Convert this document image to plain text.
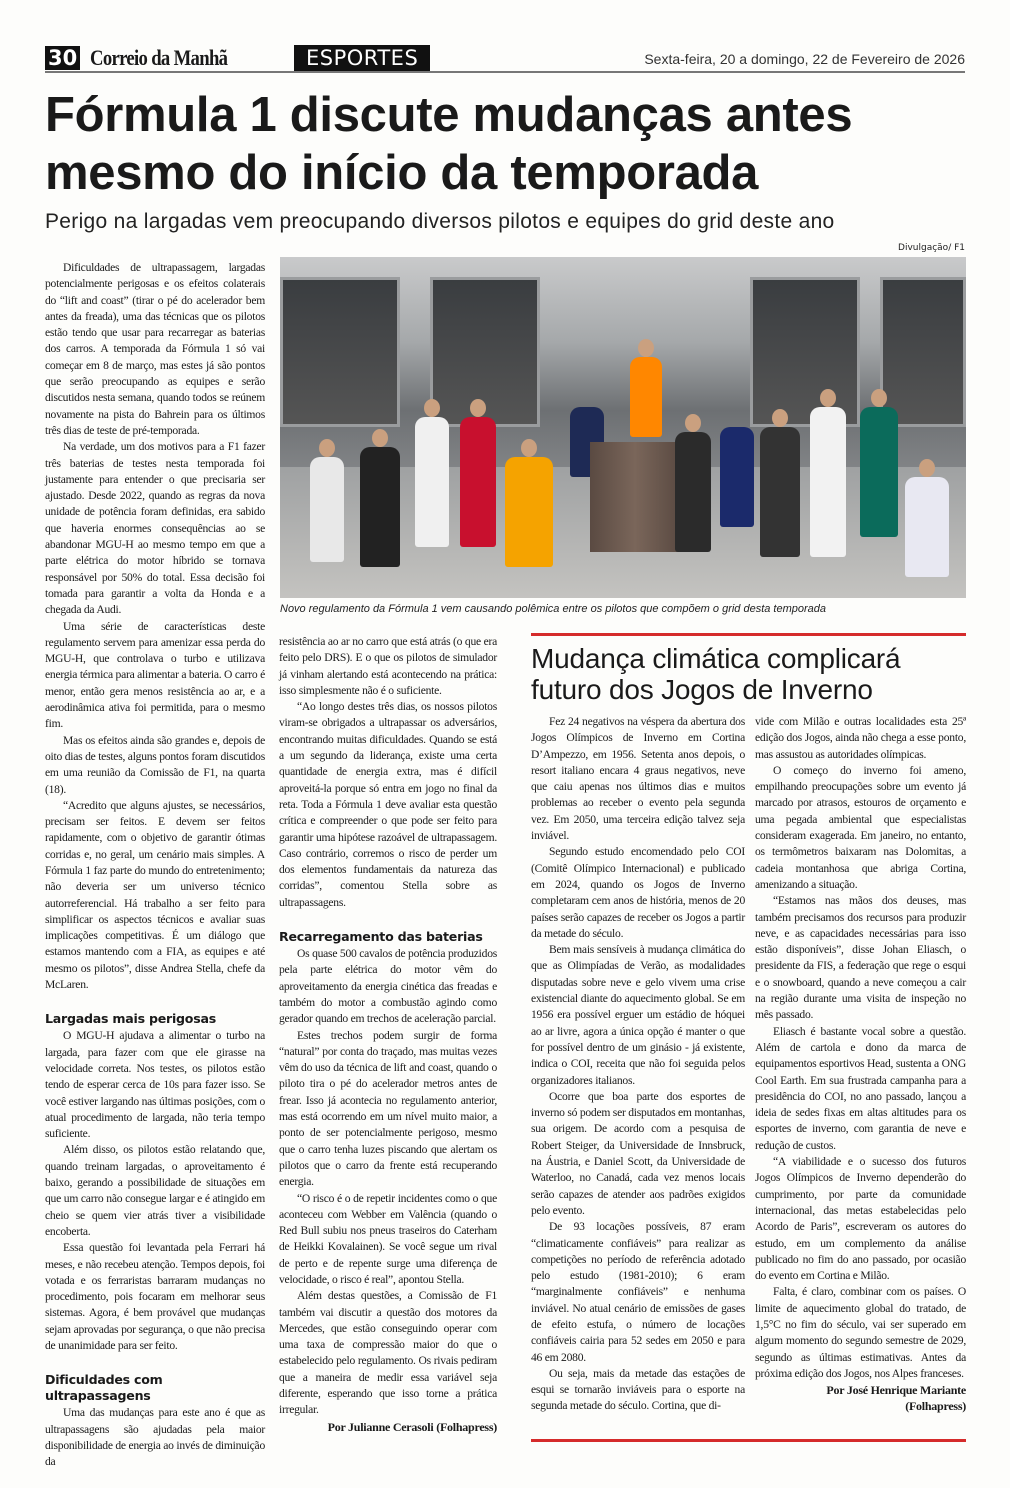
30 Correio da Manhã	ESPORTES	Sexta-feira, 20 a domingo, 22 de Fevereiro de 2026
Fórmula 1 discute mudanças antes mesmo do início da temporada
Perigo na largadas vem preocupando diversos pilotos e equipes do grid deste ano
Divulgação/ F1
Novo regulamento da Fórmula 1 vem causando polêmica entre os pilotos que compõem o grid desta temporada

Dificuldades de ultrapassagem, largadas potencialmente perigosas e os efeitos colaterais do “lift and coast” (tirar o pé do acelerador bem antes da freada), uma das técnicas que os pilotos estão tendo que usar para recarregar as baterias dos carros. A temporada da Fórmula 1 só vai começar em 8 de março, mas estes já são pontos que serão preocupando as equipes e serão discutidos nesta semana, quando todos se reúnem novamente na pista do Bahrein para os últimos três dias de teste de pré-temporada.

Na verdade, um dos motivos para a F1 fazer três baterias de testes nesta temporada foi justamente para entender o que precisaria ser ajustado. Desde 2022, quando as regras da nova unidade de potência foram definidas, era sabido que haveria enormes consequências ao se abandonar MGU-H ao mesmo tempo em que a parte elétrica do motor híbrido se tornava responsável por 50% do total. Essa decisão foi tomada para garantir a volta da Honda e a chegada da Audi.

Uma série de características deste regulamento servem para amenizar essa perda do MGU-H, que controlava o turbo e utilizava energia térmica para alimentar a bateria. O carro é menor, então gera menos resistência ao ar, e a aerodinâmica ativa foi permitida, para o mesmo fim.

Mas os efeitos ainda são grandes e, depois de oito dias de testes, alguns pontos foram discutidos em uma reunião da Comissão de F1, na quarta (18).

“Acredito que alguns ajustes, se necessários, precisam ser feitos. E devem ser feitos rapidamente, com o objetivo de garantir ótimas corridas e, no geral, um cenário mais simples. A Fórmula 1 faz parte do mundo do entretenimento; não deveria ser um universo técnico autorreferencial. Há trabalho a ser feito para simplificar os aspectos técnicos e avaliar suas implicações competitivas. É um diálogo que estamos mantendo com a FIA, as equipes e até mesmo os pilotos”, disse Andrea Stella, chefe da McLaren.

Largadas mais perigosas

O MGU-H ajudava a alimentar o turbo na largada, para fazer com que ele girasse na velocidade correta. Nos testes, os pilotos estão tendo de esperar cerca de 10s para fazer isso. Se você estiver largando nas últimas posições, com o atual procedimento de largada, não teria tempo suficiente.

Além disso, os pilotos estão relatando que, quando treinam largadas, o aproveitamento é baixo, gerando a possibilidade de situações em que um carro não consegue largar e é atingido em cheio se quem vier atrás tiver a visibilidade encoberta.

Essa questão foi levantada pela Ferrari há meses, e não recebeu atenção. Tempos depois, foi votada e os ferraristas barraram mudanças no procedimento, pois focaram em melhorar seus sistemas. Agora, é bem provável que mudanças sejam aprovadas por segurança, o que não precisa de unanimidade para ser feito.

Dificuldades com ultrapassagens

Uma das mudanças para este ano é que as ultrapassagens são ajudadas pela maior disponibilidade de energia ao invés de diminuição da

resistência ao ar no carro que está atrás (o que era feito pelo DRS). E o que os pilotos de simulador já vinham alertando está acontecendo na prática: isso simplesmente não é o suficiente.

“Ao longo destes três dias, os nossos pilotos viram-se obrigados a ultrapassar os adversários, encontrando muitas dificuldades. Quando se está a um segundo da liderança, existe uma certa quantidade de energia extra, mas é difícil aproveitá-la porque só entra em jogo no final da reta. Toda a Fórmula 1 deve avaliar esta questão crítica e compreender o que pode ser feito para garantir uma hipótese razoável de ultrapassagem. Caso contrário, corremos o risco de perder um dos elementos fundamentais da natureza das corridas”, comentou Stella sobre as ultrapassagens.

Recarregamento das baterias

Os quase 500 cavalos de potência produzidos pela parte elétrica do motor vêm do aproveitamento da energia cinética das freadas e também do motor a combustão agindo como gerador quando em trechos de aceleração parcial.

Estes trechos podem surgir de forma “natural” por conta do traçado, mas muitas vezes vêm do uso da técnica de lift and coast, quando o piloto tira o pé do acelerador metros antes de frear. Isso já acontecia no regulamento anterior, mas está ocorrendo em um nível muito maior, a ponto de ser potencialmente perigoso, mesmo que o carro tenha luzes piscando que alertam os pilotos que o carro da frente está recuperando energia.

“O risco é o de repetir incidentes como o que aconteceu com Webber em Valência (quando o Red Bull subiu nos pneus traseiros do Caterham de Heikki Kovalainen). Se você segue um rival de perto e de repente surge uma diferença de velocidade, o risco é real”, apontou Stella.

Além destas questões, a Comissão de F1 também vai discutir a questão dos motores da Mercedes, que estão conseguindo operar com uma taxa de compressão maior do que o estabelecido pelo regulamento. Os rivais pediram que a maneira de medir essa variável seja diferente, esperando que isso torne a prática irregular.

Por Julianne Cerasoli (Folhapress)
Mudança climática complicará futuro dos Jogos de Inverno

Fez 24 negativos na véspera da abertura dos Jogos Olímpicos de Inverno em Cortina D’Ampezzo, em 1956. Setenta anos depois, o resort italiano encara 4 graus negativos, neve que caiu apenas nos últimos dias e muitos problemas ao receber o evento pela segunda vez. Em 2050, uma terceira edição talvez seja inviável.

Segundo estudo encomendado pelo COI (Comitê Olímpico Internacional) e publicado em 2024, quando os Jogos de Inverno completaram cem anos de história, menos de 20 países serão capazes de receber os Jogos a partir da metade do século.

Bem mais sensíveis à mudança climática do que as Olimpíadas de Verão, as modalidades disputadas sobre neve e gelo vivem uma crise existencial diante do aquecimento global. Se em 1956 era possível erguer um estádio de hóquei ao ar livre, agora a única opção é manter o que for possível dentro de um ginásio - já existente, indica o COI, receita que não foi seguida pelos organizadores italianos.

Ocorre que boa parte dos esportes de inverno só podem ser disputados em montanhas, sua origem. De acordo com a pesquisa de Robert Steiger, da Universidade de Innsbruck, na Áustria, e Daniel Scott, da Universidade de Waterloo, no Canadá, cada vez menos locais serão capazes de atender aos padrões exigidos pelo evento.

De 93 locações possíveis, 87 eram “climaticamente confiáveis” para realizar as competições no período de referência adotado pelo estudo (1981-2010); 6 eram “marginalmente confiáveis” e nenhuma inviável. No atual cenário de emissões de gases de efeito estufa, o número de locações confiáveis cairia para 52 sedes em 2050 e para 46 em 2080.

Ou seja, mais da metade das estações de esqui se tornarão inviáveis para o esporte na segunda metade do século. Cortina, que di-

vide com Milão e outras localidades esta 25ª edição dos Jogos, ainda não chega a esse ponto, mas assustou as autoridades olímpicas.

O começo do inverno foi ameno, empilhando preocupações sobre um evento já marcado por atrasos, estouros de orçamento e uma pegada ambiental que especialistas consideram exagerada. Em janeiro, no entanto, os termômetros baixaram nas Dolomitas, a cadeia montanhosa que abriga Cortina, amenizando a situação.

“Estamos nas mãos dos deuses, mas também precisamos dos recursos para produzir neve, e as capacidades necessárias para isso estão disponíveis”, disse Johan Eliasch, o presidente da FIS, a federação que rege o esqui e o snowboard, quando a neve começou a cair na região durante uma visita de inspeção no mês passado.

Eliasch é bastante vocal sobre a questão. Além de cartola e dono da marca de equipamentos esportivos Head, sustenta a ONG Cool Earth. Em sua frustrada campanha para a presidência do COI, no ano passado, lançou a ideia de sedes fixas em altas altitudes para os esportes de inverno, com garantia de neve e redução de custos.

“A viabilidade e o sucesso dos futuros Jogos Olímpicos de Inverno dependerão do cumprimento, por parte da comunidade internacional, das metas estabelecidas pelo Acordo de Paris”, escreveram os autores do estudo, em um complemento da análise publicado no fim do ano passado, por ocasião do evento em Cortina e Milão.

Falta, é claro, combinar com os países. O limite de aquecimento global do tratado, de 1,5°C no fim do século, vai ser superado em algum momento do segundo semestre de 2029, segundo as últimas estimativas. Antes da próxima edição dos Jogos, nos Alpes franceses.

Por José Henrique Mariante
(Folhapress)
